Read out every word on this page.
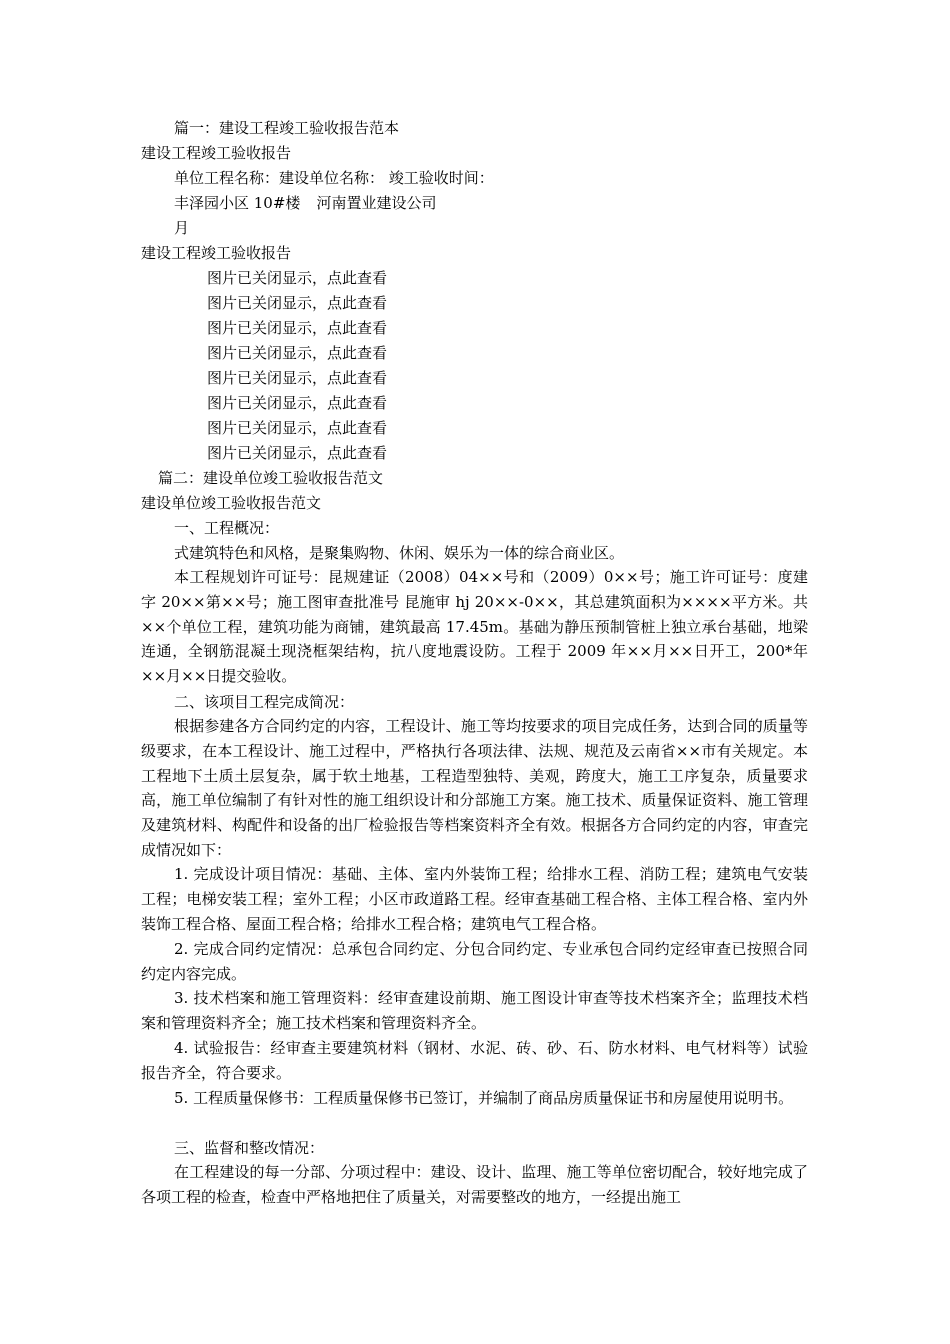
篇一：建设工程竣工验收报告范本
建设工程竣工验收报告
单位工程名称：建设单位名称： 竣工验收时间：
丰泽园小区 10#楼 河南置业建设公司
月
建设工程竣工验收报告
图片已关闭显示，点此查看
图片已关闭显示，点此查看
图片已关闭显示，点此查看
图片已关闭显示，点此查看
图片已关闭显示，点此查看
图片已关闭显示，点此查看
图片已关闭显示，点此查看
图片已关闭显示，点此查看
篇二：建设单位竣工验收报告范文
建设单位竣工验收报告范文
一、工程概况：
式建筑特色和风格，是聚集购物、休闲、娱乐为一体的综合商业区。
本工程规划许可证号：昆规建证（2008）04××号和（2009）0××号；施工许可证号：度建字 20××第××号；施工图审查批准号 昆施审 hj 20××-0××，其总建筑面积为××××平方米。共××个单位工程，建筑功能为商铺，建筑最高 17.45m。基础为静压预制管桩上独立承台基础，地梁连通，全钢筋混凝土现浇框架结构，抗八度地震设防。工程于 2009 年××月××日开工，200*年××月××日提交验收。
二、该项目工程完成简况：
根据参建各方合同约定的内容，工程设计、施工等均按要求的项目完成任务，达到合同的质量等级要求，在本工程设计、施工过程中，严格执行各项法律、法规、规范及云南省××市有关规定。本工程地下土质土层复杂，属于软土地基，工程造型独特、美观，跨度大，施工工序复杂，质量要求高，施工单位编制了有针对性的施工组织设计和分部施工方案。施工技术、质量保证资料、施工管理及建筑材料、构配件和设备的出厂检验报告等档案资料齐全有效。根据各方合同约定的内容，审查完成情况如下：
1. 完成设计项目情况：基础、主体、室内外装饰工程；给排水工程、消防工程；建筑电气安装工程；电梯安装工程；室外工程；小区市政道路工程。经审查基础工程合格、主体工程合格、室内外装饰工程合格、屋面工程合格；给排水工程合格；建筑电气工程合格。
2. 完成合同约定情况：总承包合同约定、分包合同约定、专业承包合同约定经审查已按照合同约定内容完成。
3. 技术档案和施工管理资料：经审查建设前期、施工图设计审查等技术档案齐全；监理技术档案和管理资料齐全；施工技术档案和管理资料齐全。
4. 试验报告：经审查主要建筑材料（钢材、水泥、砖、砂、石、防水材料、电气材料等）试验报告齐全，符合要求。
5. 工程质量保修书：工程质量保修书已签订，并编制了商品房质量保证书和房屋使用说明书。
三、监督和整改情况：
在工程建设的每一分部、分项过程中：建设、设计、监理、施工等单位密切配合，较好地完成了各项工程的检查，检查中严格地把住了质量关，对需要整改的地方，一经提出施工
